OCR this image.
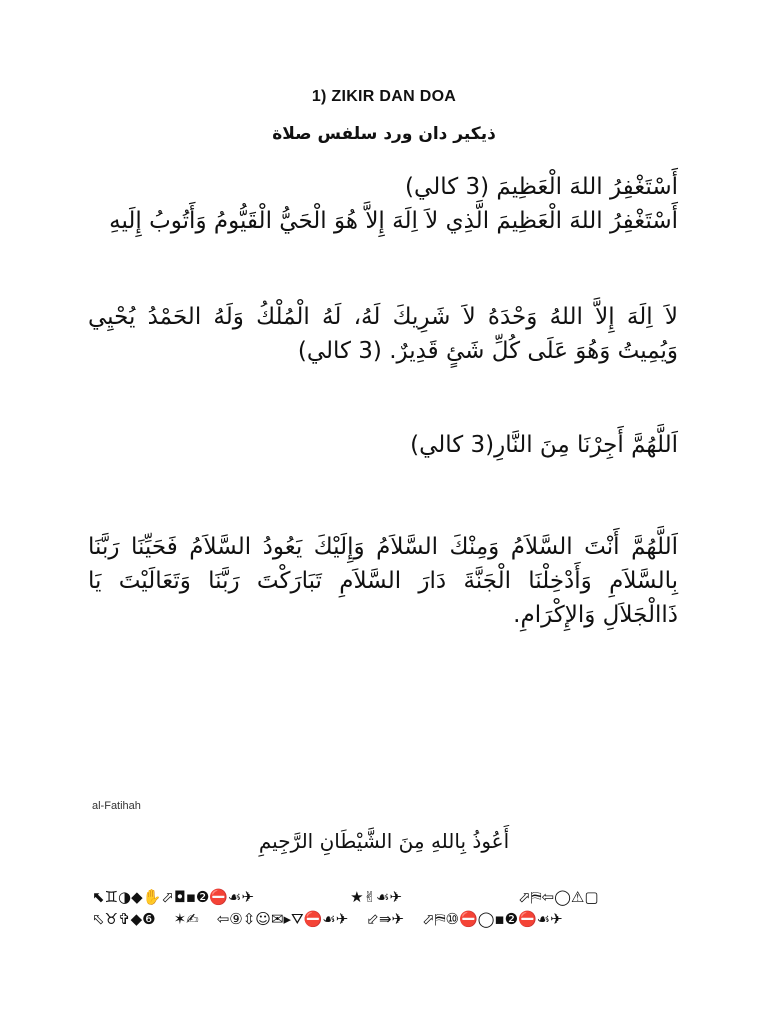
1) ZIKIR DAN DOA
ذيكير دان ورد سلفس صلاة
أَسْتَغْفِرُ اللهَ الْعَظِيمَ (3 كالي)
أَسْتَغْفِرُ اللهَ الْعَظِيمَ الَّذِي لاَ اِلَهَ إِلاَّ هُوَ الْحَيُّ الْقَيُّومُ وَأَتُوبُ إِلَيهِ
لاَ اِلَهَ إِلاَّ اللهُ وَحْدَهُ لاَ شَرِيكَ لَهُ، لَهُ الْمُلْكُ وَلَهُ الحَمْدُ يُحْيِي وَيُمِيتُ وَهُوَ عَلَى كُلِّ شَئٍ قَدِيرٌ. (3 كالي)
اَللَّهُمَّ أَجِرْنَا مِنَ النَّارِ(3 كالي)
اَللَّهُمَّ أَنْتَ السَّلاَمُ وَمِنْكَ السَّلاَمُ وَإِلَيْكَ يَعُودُ السَّلاَمُ فَحَيِّنَا رَبَّنَا بِالسَّلاَمِ وَأَدْخِلْنَا الْجَنَّةَ دَارَ السَّلاَمِ تَبَارَكْتَ رَبَّنَا وَتَعَالَيْتَ يَا ذَاالْجَلاَلِ وَالإِكْرَامِ.
al-Fatihah
أَعُوذُ بِاللهِ مِنَ الشَّيْطَانِ الرَّجِيمِ
⬉♊◑◆✋⬀◘▪❷⛔☙✈	★✌☙✈	⬀⛿⇦◯⚠▢
⬁♉✞◆❻ ✶✍ ⇦⑨⇳☺✉▸⛛⛔☙✈ ⬃⇛✈ ⬀⛿⑩⛔◯▪❷⛔☙✈
